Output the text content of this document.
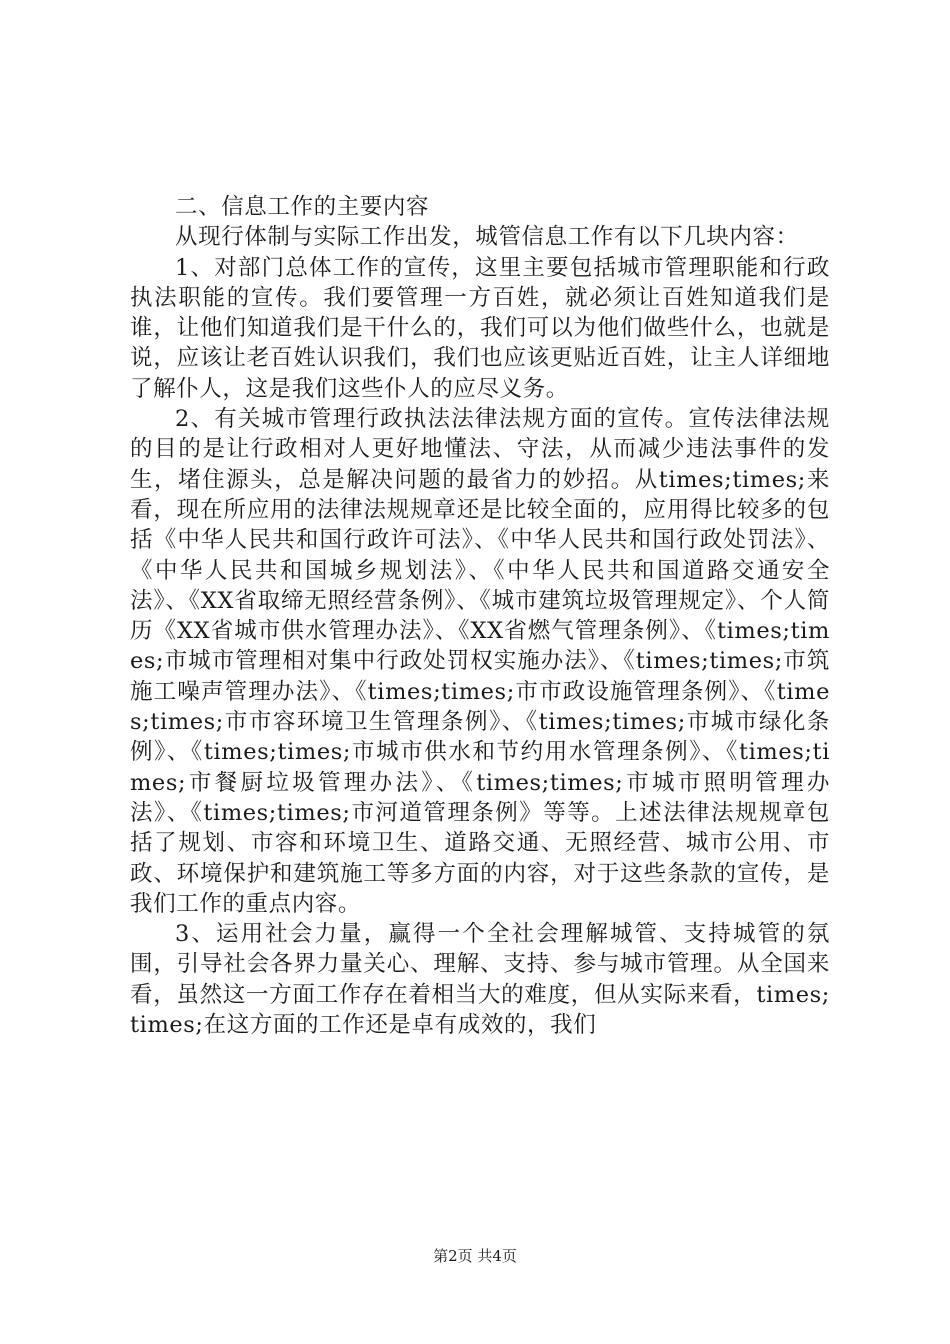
二、信息工作的主要内容

从现行体制与实际工作出发，城管信息工作有以下几块内容：

1、对部门总体工作的宣传，这里主要包括城市管理职能和行政执法职能的宣传。我们要管理一方百姓，就必须让百姓知道我们是谁，让他们知道我们是干什么的，我们可以为他们做些什么，也就是说，应该让老百姓认识我们，我们也应该更贴近百姓，让主人详细地了解仆人，这是我们这些仆人的应尽义务。

2、有关城市管理行政执法法律法规方面的宣传。宣传法律法规的目的是让行政相对人更好地懂法、守法，从而减少违法事件的发生，堵住源头，总是解决问题的最省力的妙招。从times;times;来看，现在所应用的法律法规规章还是比较全面的，应用得比较多的包括《中华人民共和国行政许可法》、《中华人民共和国行政处罚法》、《中华人民共和国城乡规划法》、《中华人民共和国道路交通安全法》、《XX省取缔无照经营条例》、《城市建筑垃圾管理规定》、个人简历《XX省城市供水管理办法》、《XX省燃气管理条例》、《times;times;市城市管理相对集中行政处罚权实施办法》、《times;times;市筑施工噪声管理办法》、《times;times;市市政设施管理条例》、《times;times;市市容环境卫生管理条例》、《times;times;市城市绿化条例》、《times;times;市城市供水和节约用水管理条例》、《times;times;市餐厨垃圾管理办法》、《times;times;市城市照明管理办法》、《times;times;市河道管理条例》等等。上述法律法规规章包括了规划、市容和环境卫生、道路交通、无照经营、城市公用、市政、环境保护和建筑施工等多方面的内容，对于这些条款的宣传，是我们工作的重点内容。

3、运用社会力量，赢得一个全社会理解城管、支持城管的氛围，引导社会各界力量关心、理解、支持、参与城市管理。从全国来看，虽然这一方面工作存在着相当大的难度，但从实际来看，times;times;在这方面的工作还是卓有成效的，我们

第2页 共4页
